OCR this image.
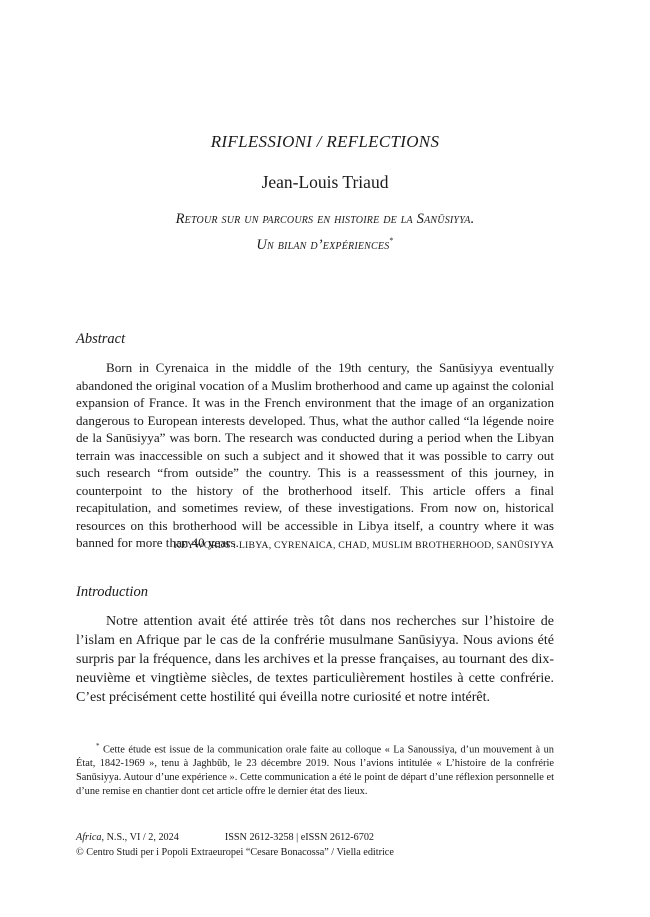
RIFLESSIONI / REFLECTIONS
Jean-Louis Triaud
Retour sur un parcours en histoire de la Sanūsiyya.
Un bilan d’expériences*
Abstract

Born in Cyrenaica in the middle of the 19th century, the Sanūsiyya eventually abandoned the original vocation of a Muslim brotherhood and came up against the colonial expansion of France. It was in the French environment that the image of an organization dangerous to European interests developed. Thus, what the author called “la légende noire de la Sanūsiyya” was born. The research was conducted during a period when the Libyan terrain was inaccessible on such a subject and it showed that it was possible to carry out such research “from outside” the country. This is a reassessment of this journey, in counterpoint to the history of the brotherhood itself. This article offers a final recapitulation, and sometimes review, of these investigations. From now on, historical resources on this brotherhood will be accessible in Libya itself, a country where it was banned for more than 40 years.

KEYWORDS : LIBYA, CYRENAICA, CHAD, MUSLIM BROTHERHOOD, SANŪSIYYA
Introduction

Notre attention avait été attirée très tôt dans nos recherches sur l’histoire de l’islam en Afrique par le cas de la confrérie musulmane Sanūsiyya. Nous avions été surpris par la fréquence, dans les archives et la presse françaises, au tournant des dix-neuvième et vingtième siècles, de textes particulièrement hostiles à cette confrérie. C’est précisément cette hostilité qui éveilla notre curiosité et notre intérêt.

* Cette étude est issue de la communication orale faite au colloque « La Sanoussiya, d’un mouvement à un État, 1842-1969 », tenu à Jaghbūb, le 23 décembre 2019. Nous l’avions intitulée « L’histoire de la confrérie Sanūsiyya. Autour d’une expérience ». Cette communication a été le point de départ d’une réflexion personnelle et d’une remise en chantier dont cet article offre le dernier état des lieux.

Africa, N.S., VI / 2, 2024	ISSN 2612-3258 | eISSN 2612-6702
© Centro Studi per i Popoli Extraeuropei “Cesare Bonacossa” / Viella editrice
